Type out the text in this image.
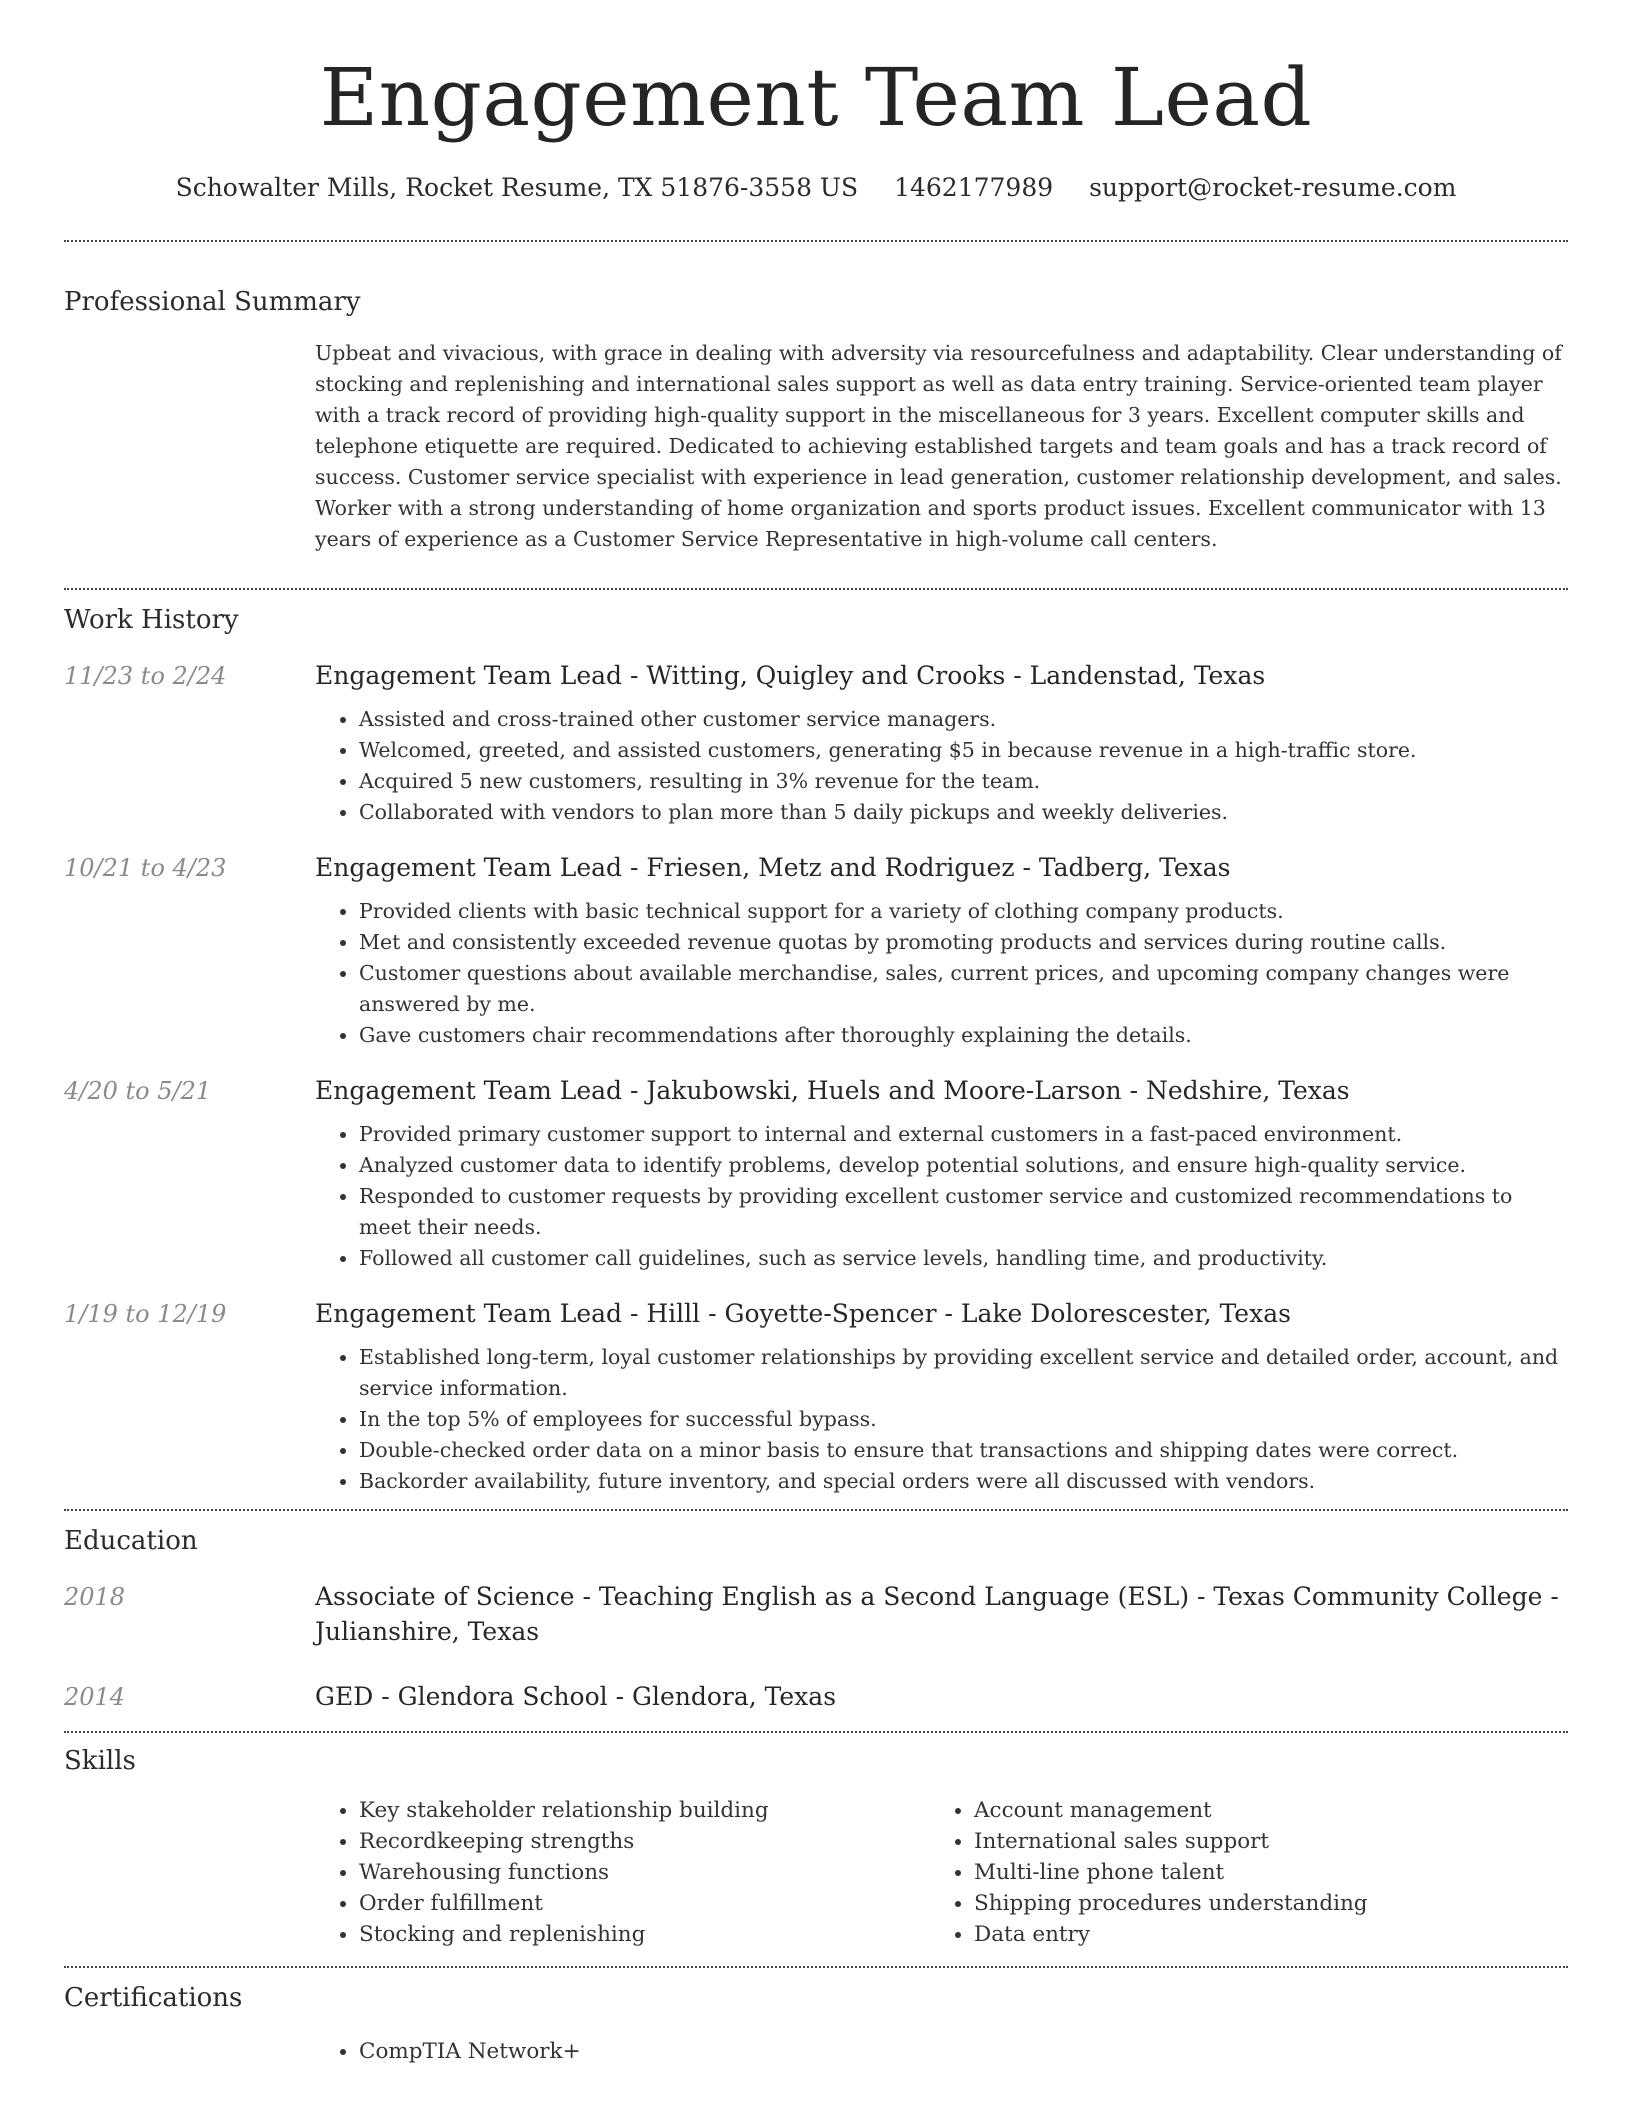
Engagement Team Lead
Schowalter Mills, Rocket Resume, TX 51876-3558 US 1462177989 support@rocket-resume.com
Professional Summary

Upbeat and vivacious, with grace in dealing with adversity via resourcefulness and adaptability. Clear understanding of stocking and replenishing and international sales support as well as data entry training. Service-oriented team player with a track record of providing high-quality support in the miscellaneous for 3 years. Excellent computer skills and telephone etiquette are required. Dedicated to achieving established targets and team goals and has a track record of success. Customer service specialist with experience in lead generation, customer relationship development, and sales. Worker with a strong understanding of home organization and sports product issues. Excellent communicator with 13 years of experience as a Customer Service Representative in high-volume call centers.

Work History
11/23 to 2/24	Engagement Team Lead - Witting, Quigley and Crooks - Landenstad, Texas
• Assisted and cross-trained other customer service managers.
• Welcomed, greeted, and assisted customers, generating $5 in because revenue in a high-traffic store.
• Acquired 5 new customers, resulting in 3% revenue for the team.
• Collaborated with vendors to plan more than 5 daily pickups and weekly deliveries.
10/21 to 4/23	Engagement Team Lead - Friesen, Metz and Rodriguez - Tadberg, Texas
• Provided clients with basic technical support for a variety of clothing company products.
• Met and consistently exceeded revenue quotas by promoting products and services during routine calls.
• Customer questions about available merchandise, sales, current prices, and upcoming company changes were answered by me.
• Gave customers chair recommendations after thoroughly explaining the details.
4/20 to 5/21	Engagement Team Lead - Jakubowski, Huels and Moore-Larson - Nedshire, Texas
• Provided primary customer support to internal and external customers in a fast-paced environment.
• Analyzed customer data to identify problems, develop potential solutions, and ensure high-quality service.
• Responded to customer requests by providing excellent customer service and customized recommendations to meet their needs.
• Followed all customer call guidelines, such as service levels, handling time, and productivity.
1/19 to 12/19	Engagement Team Lead - Hilll - Goyette-Spencer - Lake Dolorescester, Texas
• Established long-term, loyal customer relationships by providing excellent service and detailed order, account, and service information.
• In the top 5% of employees for successful bypass.
• Double-checked order data on a minor basis to ensure that transactions and shipping dates were correct.
• Backorder availability, future inventory, and special orders were all discussed with vendors.
Education
2018	Associate of Science - Teaching English as a Second Language (ESL) - Texas Community College - Julianshire, Texas
2014	GED - Glendora School - Glendora, Texas
Skills
• Key stakeholder relationship building
• Recordkeeping strengths
• Warehousing functions
• Order fulfillment
• Stocking and replenishing
• Account management
• International sales support
• Multi-line phone talent
• Shipping procedures understanding
• Data entry
Certifications
• CompTIA Network+
